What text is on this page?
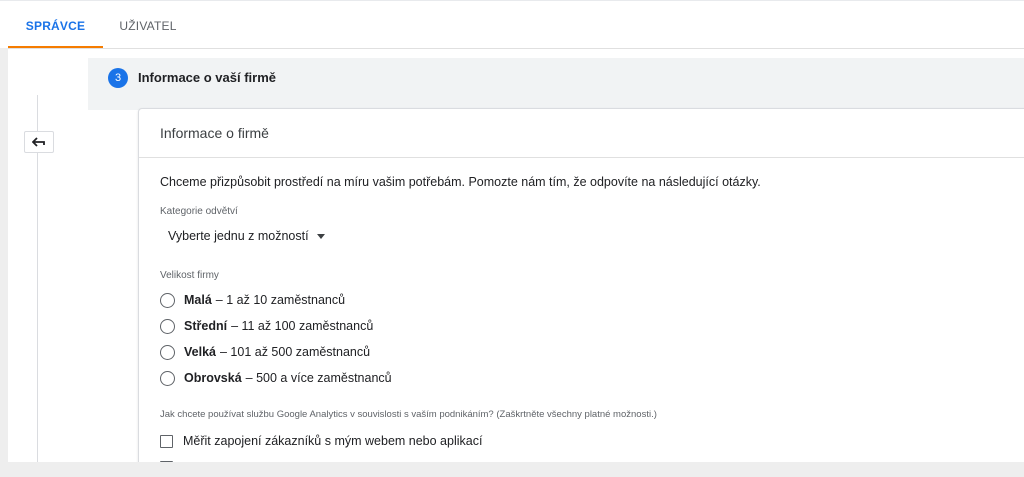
SPRÁVCE	UŽIVATEL
3	Informace o vaší firmě
Informace o firmě
Chceme přizpůsobit prostředí na míru vašim potřebám. Pomozte nám tím, že odpovíte na následující otázky.
Kategorie odvětví
Vyberte jednu z možností
Velikost firmy
Malá – 1 až 10 zaměstnanců
Střední – 11 až 100 zaměstnanců
Velká – 101 až 500 zaměstnanců
Obrovská – 500 a více zaměstnanců
Jak chcete používat službu Google Analytics v souvislosti s vaším podnikáním? (Zaškrtněte všechny platné možnosti.)
Měřit zapojení zákazníků s mým webem nebo aplikací
